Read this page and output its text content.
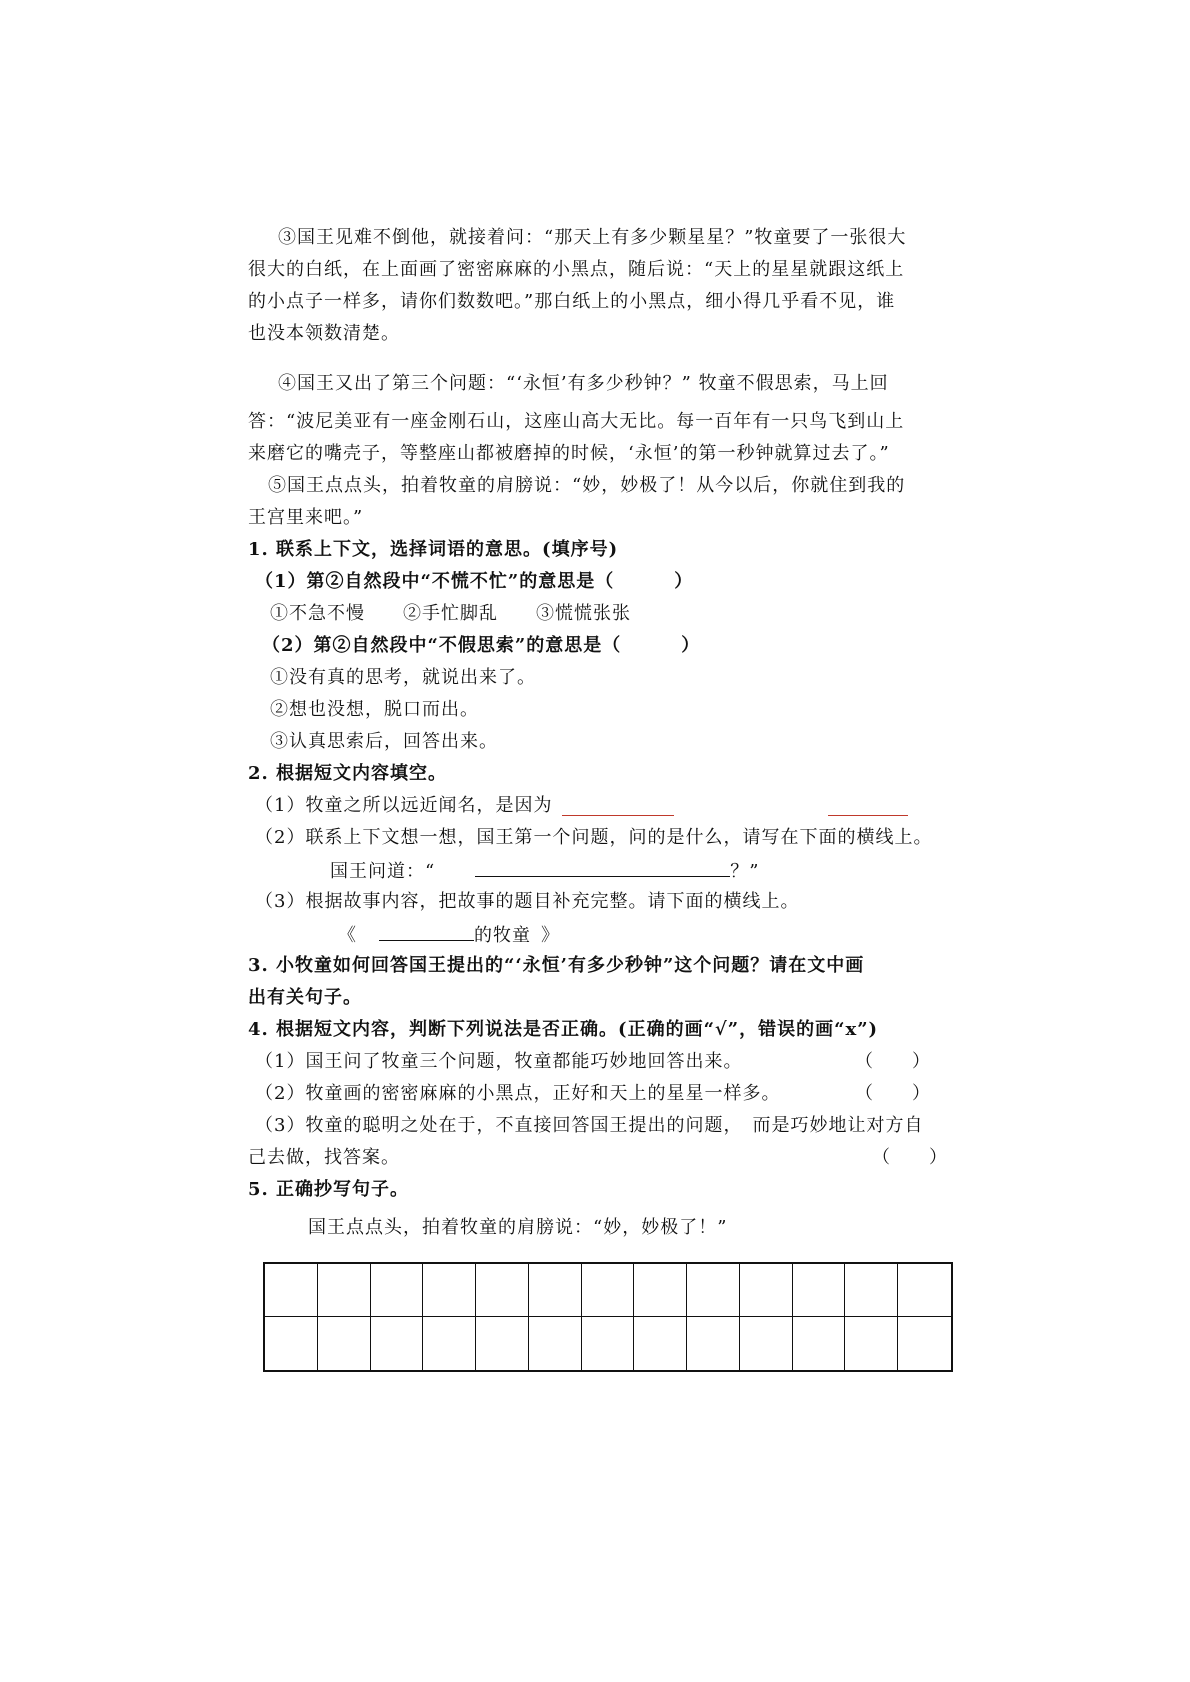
③国王见难不倒他，就接着问：“那天上有多少颗星星？”牧童要了一张很大
很大的白纸，在上面画了密密麻麻的小黑点，随后说：“天上的星星就跟这纸上
的小点子一样多，请你们数数吧。”那白纸上的小黑点，细小得几乎看不见，谁
也没本领数清楚。
④国王又出了第三个问题：“‘永恒’有多少秒钟？” 牧童不假思索，马上回
答：“波尼美亚有一座金刚石山，这座山高大无比。每一百年有一只鸟飞到山上
来磨它的嘴壳子，等整座山都被磨掉的时候，‘永恒’的第一秒钟就算过去了。”
⑤国王点点头，拍着牧童的肩膀说：“妙，妙极了！从今以后，你就住到我的
王宫里来吧。”
1. 联系上下文，选择词语的意思。(填序号)
（1）第②自然段中“不慌不忙”的意思是（	）
①不急不慢　　②手忙脚乱　　③慌慌张张
（2）第②自然段中“不假思索”的意思是（	）
①没有真的思考，就说出来了。
②想也没想，脱口而出。
③认真思索后，回答出来。
2. 根据短文内容填空。
（1）牧童之所以远近闻名，是因为
（2）联系上下文想一想，国王第一个问题，问的是什么，请写在下面的横线上。
国王问道：“	？”
（3）根据故事内容，把故事的题目补充完整。请下面的横线上。
《	的牧童 》
3. 小牧童如何回答国王提出的“‘永恒’有多少秒钟”这个问题？请在文中画
出有关句子。
4. 根据短文内容，判断下列说法是否正确。(正确的画“√”，错误的画“x”)
（1）国王问了牧童三个问题，牧童都能巧妙地回答出来。	（　　）
（2）牧童画的密密麻麻的小黑点，正好和天上的星星一样多。	（　　）
（3）牧童的聪明之处在于，不直接回答国王提出的问题，　而是巧妙地让对方自
己去做，找答案。	（　　）
5. 正确抄写句子。
国王点点头，拍着牧童的肩膀说：“妙，妙极了！”
